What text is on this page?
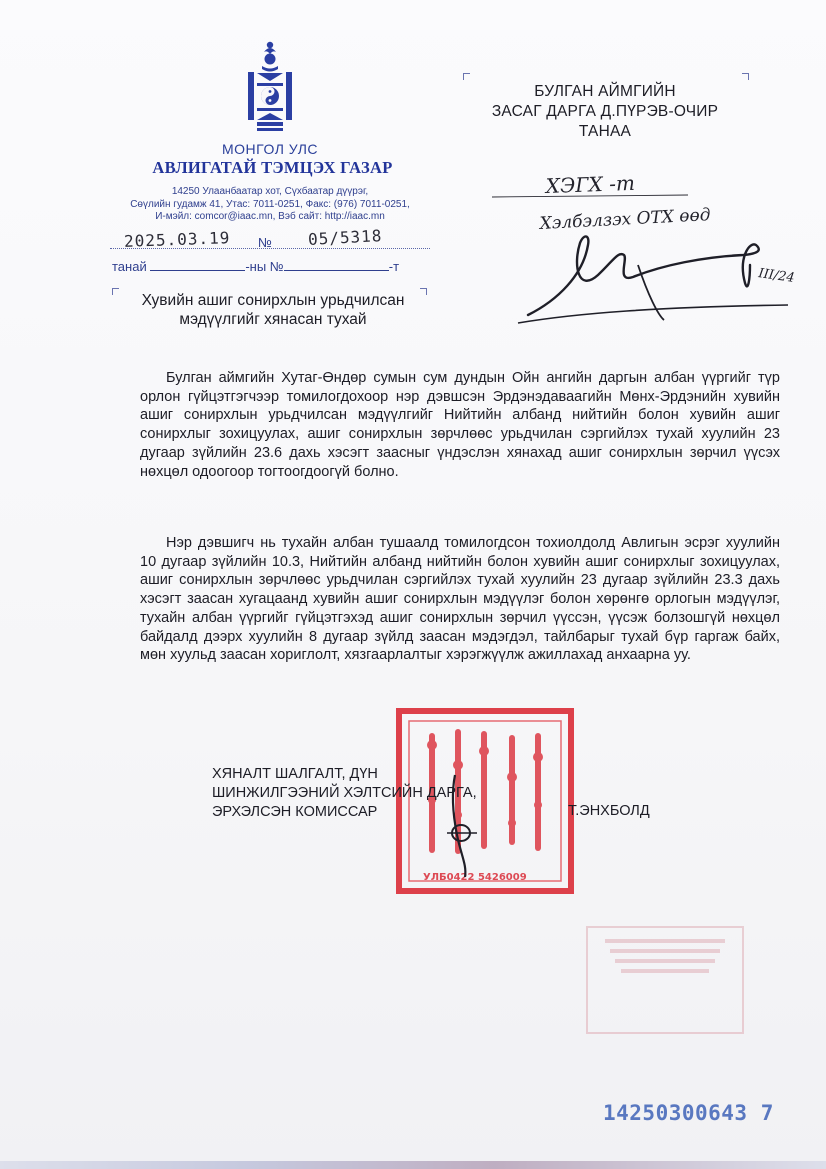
МОНГОЛ УЛС
АВЛИГАТАЙ ТЭМЦЭХ ГАЗАР
14250 Улаанбаатар хот, Сүхбаатар дүүрэг,
Сөүлийн гудамж 41, Утас: 7011-0251, Факс: (976) 7011-0251,
И-мэйл: comcor@iaac.mn, Вэб сайт: http://iaac.mn
2025.03.19 № 05/5318
танай	-ны №	-т
БУЛГАН АЙМГИЙН
ЗАСАГ ДАРГА Д.ПҮРЭВ-ОЧИР
ТАНАА
ХЭГХ -т
Хэлбэлзэх ОТХ өөд
III/24
Хувийн ашиг сонирхлын урьдчилсан
мэдүүлгийг хянасан тухай
Булган аймгийн Хутаг-Өндөр сумын сум дундын Ойн ангийн даргын албан үүргийг түр орлон гүйцэтгэгчээр томилогдохоор нэр дэвшсэн Эрдэнэдаваагийн Мөнх-Эрдэнийн хувийн ашиг сонирхлын урьдчилсан мэдүүлгийг Нийтийн албанд нийтийн болон хувийн ашиг сонирхлыг зохицуулах, ашиг сонирхлын зөрчлөөс урьдчилан сэргийлэх тухай хуулийн 23 дугаар зүйлийн 23.6 дахь хэсэгт заасныг үндэслэн хянахад ашиг сонирхлын зөрчил үүсэх нөхцөл одоогоор тогтоогдоогүй болно.
Нэр дэвшигч нь тухайн албан тушаалд томилогдсон тохиолдолд Авлигын эсрэг хуулийн 10 дугаар зүйлийн 10.3, Нийтийн албанд нийтийн болон хувийн ашиг сонирхлыг зохицуулах, ашиг сонирхлын зөрчлөөс урьдчилан сэргийлэх тухай хуулийн 23 дугаар зүйлийн 23.3 дахь хэсэгт заасан хугацаанд хувийн ашиг сонирхлын мэдүүлэг болон хөрөнгө орлогын мэдүүлэг, тухайн албан үүргийг гүйцэтгэхэд ашиг сонирхлын зөрчил үүссэн, үүсэж болзошгүй нөхцөл байдалд дээрх хуулийн 8 дугаар зүйлд заасан мэдэгдэл, тайлбарыг тухай бүр гаргаж байх, мөн хуульд заасан хориглолт, хязгаарлалтыг хэрэгжүүлж ажиллахад анхаарна уу.
УЛБ0422 5426009
ХЯНАЛТ ШАЛГАЛТ, ДҮН
ШИНЖИЛГЭЭНИЙ ХЭЛТСИЙН ДАРГА,
ЭРХЭЛСЭН КОМИССАР	Т.ЭНХБОЛД
14250300643 7
